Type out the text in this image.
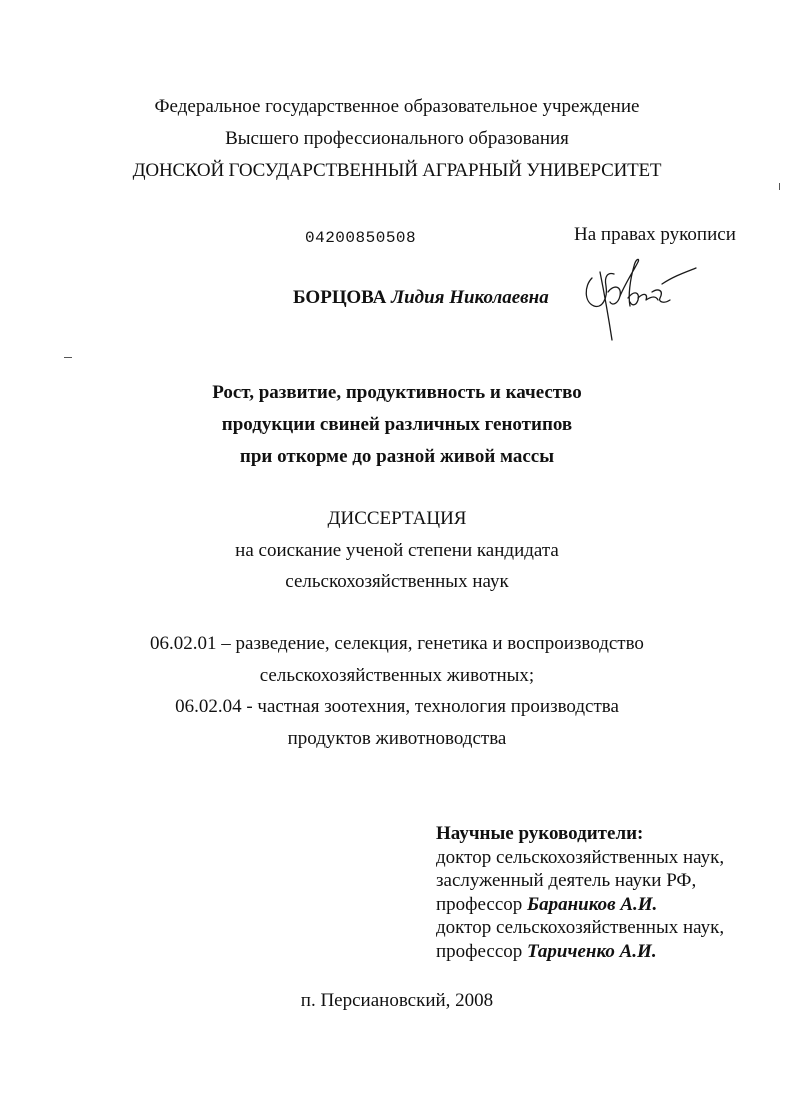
Федеральное государственное образовательное учреждение
Высшего профессионального образования
ДОНСКОЙ ГОСУДАРСТВЕННЫЙ АГРАРНЫЙ УНИВЕРСИТЕТ
04200850508	На правах рукописи
БОРЦОВА Лидия Николаевна
Рост, развитие, продуктивность и качество
продукции свиней различных генотипов
при откорме до разной живой массы
ДИССЕРТАЦИЯ
на соискание ученой степени кандидата
сельскохозяйственных наук
06.02.01 – разведение, селекция, генетика и воспроизводство
сельскохозяйственных животных;
06.02.04 - частная зоотехния, технология производства
продуктов животноводства
Научные руководители:
доктор сельскохозяйственных наук,
заслуженный деятель науки РФ,
профессор Бараников А.И.
доктор сельскохозяйственных наук,
профессор Тариченко А.И.
п. Персиановский, 2008
